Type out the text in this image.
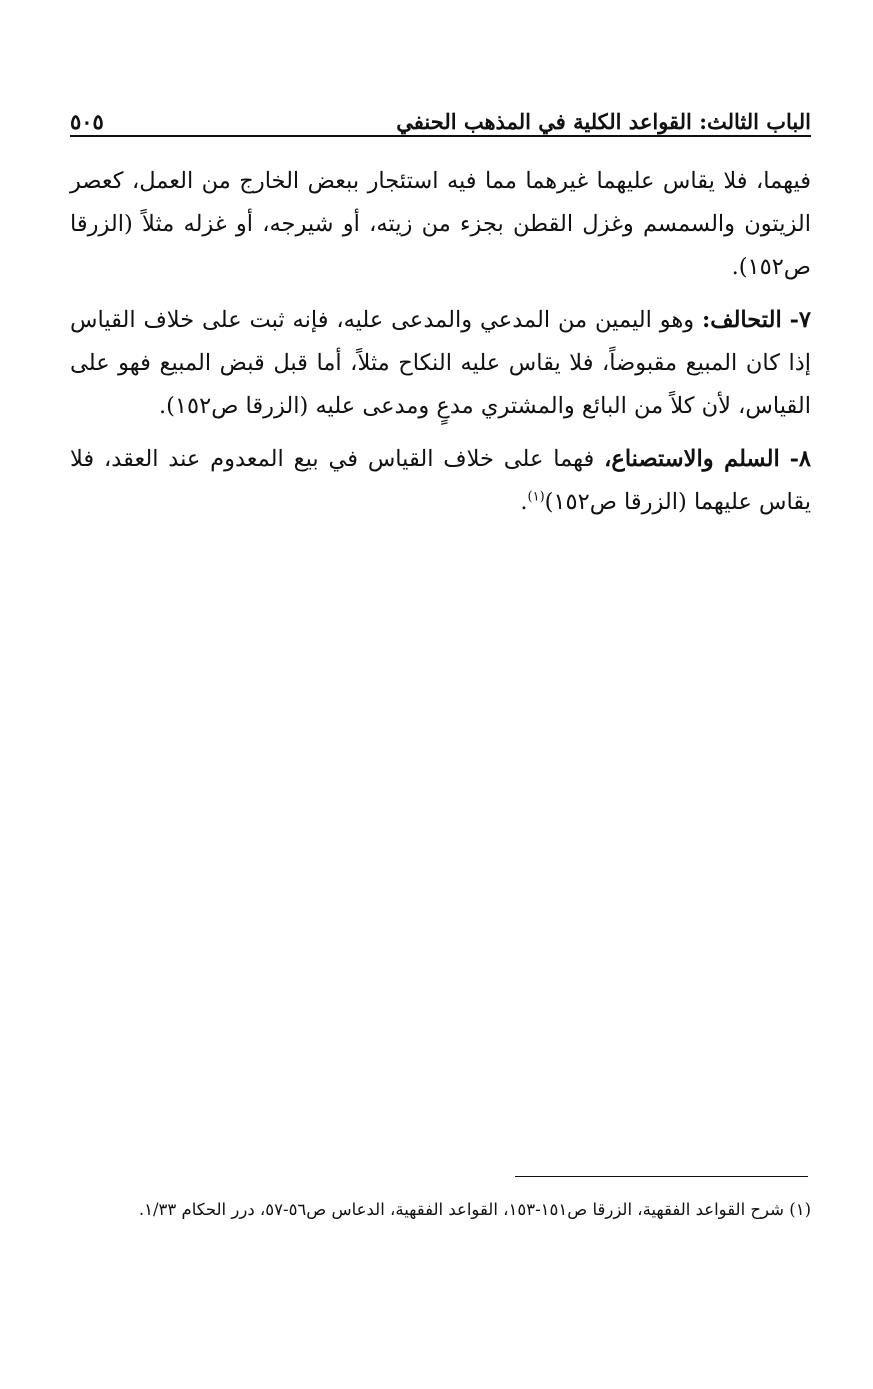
الباب الثالث: القواعد الكلية في المذهب الحنفي
٥٠٥

فيهما، فلا يقاس عليهما غيرهما مما فيه استئجار ببعض الخارج من العمل، كعصر الزيتون والسمسم وغزل القطن بجزء من زيته، أو شيرجه، أو غزله مثلاً (الزرقا ص١٥٢).

٧- التحالف: وهو اليمين من المدعي والمدعى عليه، فإنه ثبت على خلاف القياس إذا كان المبيع مقبوضاً، فلا يقاس عليه النكاح مثلاً، أما قبل قبض المبيع فهو على القياس، لأن كلاً من البائع والمشتري مدعٍ ومدعى عليه (الزرقا ص١٥٢).

٨- السلم والاستصناع، فهما على خلاف القياس في بيع المعدوم عند العقد، فلا يقاس عليهما (الزرقا ص١٥٢)$^{(١)}$.

(١) شرح القواعد الفقهية، الزرقا ص١٥١-١٥٣، القواعد الفقهية، الدعاس ص٥٦-٥٧، درر الحكام ١/٣٣.
